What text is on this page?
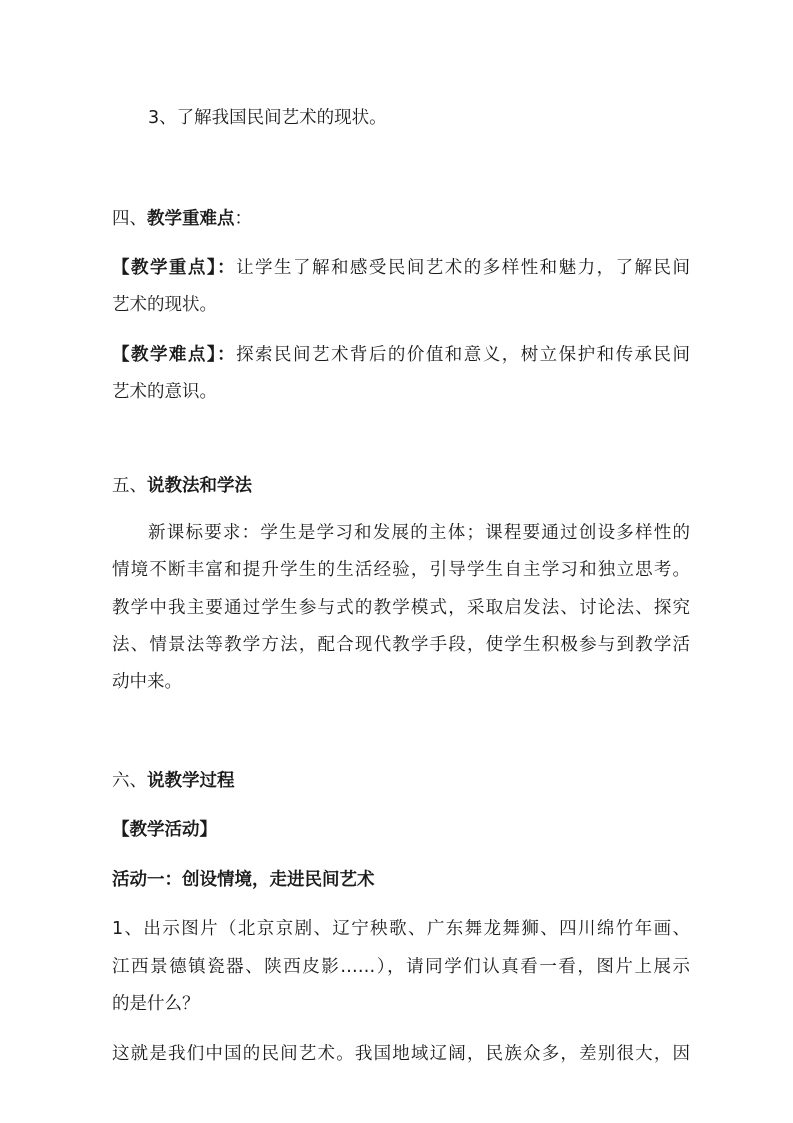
3、了解我国民间艺术的现状。
四、教学重难点：
【教学重点】：让学生了解和感受民间艺术的多样性和魅力，了解民间
艺术的现状。
【教学难点】：探索民间艺术背后的价值和意义，树立保护和传承民间
艺术的意识。
五、说教法和学法
新课标要求：学生是学习和发展的主体；课程要通过创设多样性的
情境不断丰富和提升学生的生活经验，引导学生自主学习和独立思考。
教学中我主要通过学生参与式的教学模式，采取启发法、讨论法、探究
法、情景法等教学方法，配合现代教学手段，使学生积极参与到教学活
动中来。
六、说教学过程
【教学活动】
活动一：创设情境，走进民间艺术
1、出示图片（北京京剧、辽宁秧歌、广东舞龙舞狮、四川绵竹年画、
江西景德镇瓷器、陕西皮影……），请同学们认真看一看，图片上展示
的是什么？
这就是我们中国的民间艺术。我国地域辽阔，民族众多，差别很大，因
